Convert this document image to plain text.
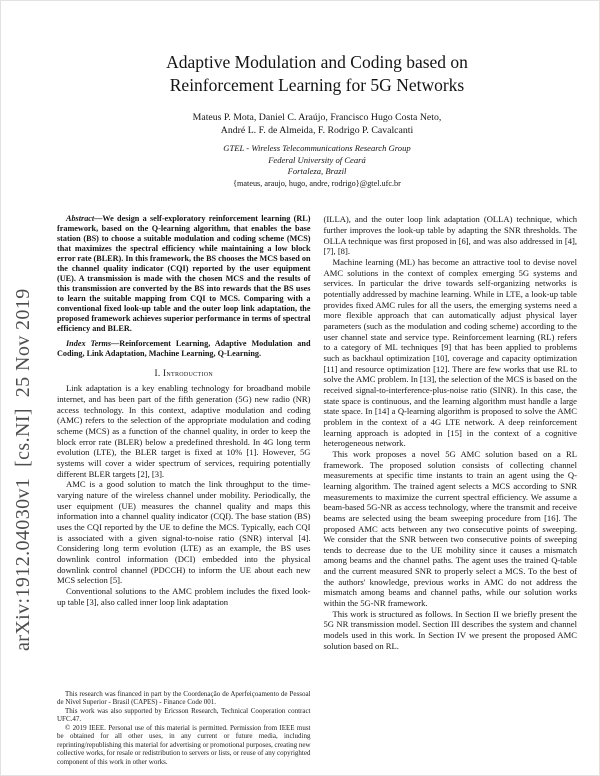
arXiv:1912.04030v1  [cs.NI]  25 Nov 2019
Adaptive Modulation and Coding based on
Reinforcement Learning for 5G Networks
Mateus P. Mota, Daniel C. Araújo, Francisco Hugo Costa Neto,
André L. F. de Almeida, F. Rodrigo P. Cavalcanti
GTEL - Wireless Telecommunications Research Group
Federal University of Ceará
Fortaleza, Brazil
{mateus, araujo, hugo, andre, rodrigo}@gtel.ufc.br

Abstract—We design a self-exploratory reinforcement learning (RL) framework, based on the Q-learning algorithm, that enables the base station (BS) to choose a suitable modulation and coding scheme (MCS) that maximizes the spectral efficiency while maintaining a low block error rate (BLER). In this framework, the BS chooses the MCS based on the channel quality indicator (CQI) reported by the user equipment (UE). A transmission is made with the chosen MCS and the results of this transmission are converted by the BS into rewards that the BS uses to learn the suitable mapping from CQI to MCS. Comparing with a conventional fixed look-up table and the outer loop link adaptation, the proposed framework achieves superior performance in terms of spectral efficiency and BLER.

Index Terms—Reinforcement Learning, Adaptive Modulation and Coding, Link Adaptation, Machine Learning, Q-Learning.

I. Introduction

Link adaptation is a key enabling technology for broadband mobile internet, and has been part of the fifth generation (5G) new radio (NR) access technology. In this context, adaptive modulation and coding (AMC) refers to the selection of the appropriate modulation and coding scheme (MCS) as a function of the channel quality, in order to keep the block error rate (BLER) below a predefined threshold. In 4G long term evolution (LTE), the BLER target is fixed at 10% [1]. However, 5G systems will cover a wider spectrum of services, requiring potentially different BLER targets [2], [3].

AMC is a good solution to match the link throughput to the time-varying nature of the wireless channel under mobility. Periodically, the user equipment (UE) measures the channel quality and maps this information into a channel quality indicator (CQI). The base station (BS) uses the CQI reported by the UE to define the MCS. Typically, each CQI is associated with a given signal-to-noise ratio (SNR) interval [4]. Considering long term evolution (LTE) as an example, the BS uses downlink control information (DCI) embedded into the physical downlink control channel (PDCCH) to inform the UE about each new MCS selection [5].

Conventional solutions to the AMC problem includes the fixed look-up table [3], also called inner loop link adaptation

This research was financed in part by the Coordenação de Aperfeiçoamento de Pessoal de Nível Superior - Brasil (CAPES) - Finance Code 001.

This work was also supported by Ericsson Research, Technical Cooperation contract UFC.47.

© 2019 IEEE. Personal use of this material is permitted. Permission from IEEE must be obtained for all other uses, in any current or future media, including reprinting/republishing this material for advertising or promotional purposes, creating new collective works, for resale or redistribution to servers or lists, or reuse of any copyrighted component of this work in other works.

(ILLA), and the outer loop link adaptation (OLLA) technique, which further improves the look-up table by adapting the SNR thresholds. The OLLA technique was first proposed in [6], and was also addressed in [4], [7], [8].

Machine learning (ML) has become an attractive tool to devise novel AMC solutions in the context of complex emerging 5G systems and services. In particular the drive towards self-organizing networks is potentially addressed by machine learning. While in LTE, a look-up table provides fixed AMC rules for all the users, the emerging systems need a more flexible approach that can automatically adjust physical layer parameters (such as the modulation and coding scheme) according to the user channel state and service type. Reinforcement learning (RL) refers to a category of ML techniques [9] that has been applied to problems such as backhaul optimization [10], coverage and capacity optimization [11] and resource optimization [12]. There are few works that use RL to solve the AMC problem. In [13], the selection of the MCS is based on the received signal-to-interference-plus-noise ratio (SINR). In this case, the state space is continuous, and the learning algorithm must handle a large state space. In [14] a Q-learning algorithm is proposed to solve the AMC problem in the context of a 4G LTE network. A deep reinforcement learning approach is adopted in [15] in the context of a cognitive heterogeneous network.

This work proposes a novel 5G AMC solution based on a RL framework. The proposed solution consists of collecting channel measurements at specific time instants to train an agent using the Q-learning algorithm. The trained agent selects a MCS according to SNR measurements to maximize the current spectral efficiency. We assume a beam-based 5G-NR as access technology, where the transmit and receive beams are selected using the beam sweeping procedure from [16]. The proposed AMC acts between any two consecutive points of sweeping. We consider that the SNR between two consecutive points of sweeping tends to decrease due to the UE mobility since it causes a mismatch among beams and the channel paths. The agent uses the trained Q-table and the current measured SNR to properly select a MCS. To the best of the authors' knowledge, previous works in AMC do not address the mismatch among beams and channel paths, while our solution works within the 5G-NR framework.

This work is structured as follows. In Section II we briefly present the 5G NR transmission model. Section III describes the system and channel models used in this work. In Section IV we present the proposed AMC solution based on RL.
